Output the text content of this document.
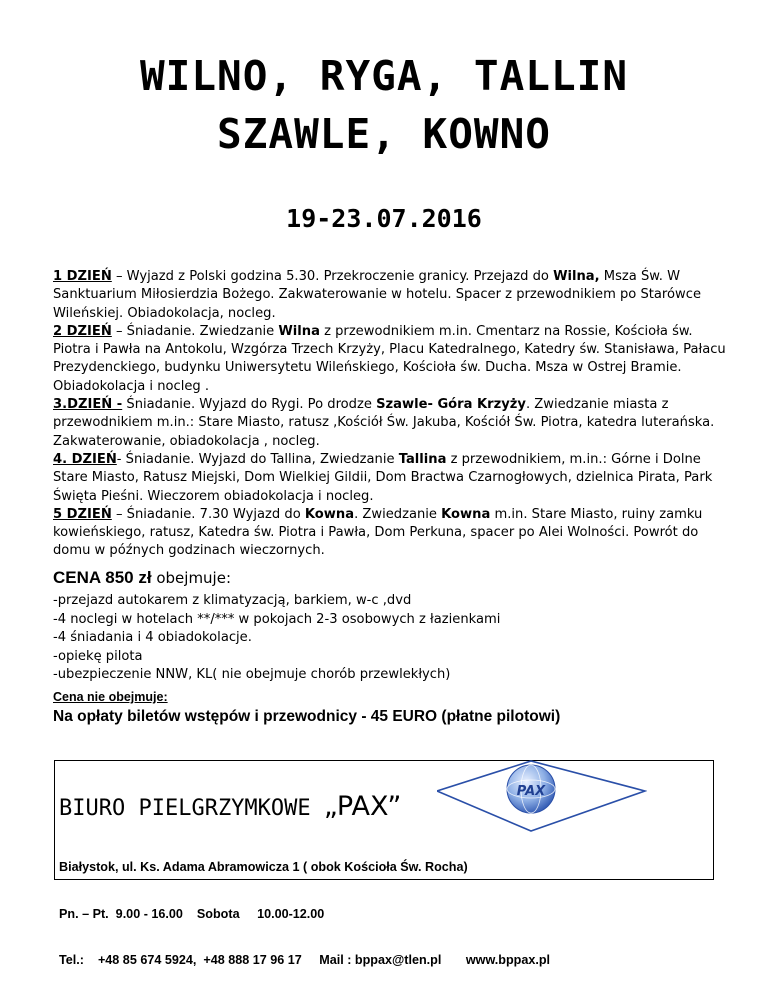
WILNO, RYGA, TALLIN
SZAWLE, KOWNO
19-23.07.2016

1 DZIEŃ – Wyjazd z Polski godzina 5.30. Przekroczenie granicy. Przejazd do Wilna, Msza Św. W Sanktuarium Miłosierdzia Bożego. Zakwaterowanie w hotelu. Spacer z przewodnikiem po Starówce Wileńskiej. Obiadokolacja, nocleg.

2 DZIEŃ – Śniadanie. Zwiedzanie Wilna z przewodnikiem m.in. Cmentarz na Rossie, Kościoła św. Piotra i Pawła na Antokolu, Wzgórza Trzech Krzyży, Placu Katedralnego, Katedry św. Stanisława, Pałacu Prezydenckiego, budynku Uniwersytetu Wileńskiego, Kościoła św. Ducha. Msza w Ostrej Bramie. Obiadokolacja i nocleg .

3.DZIEŃ - Śniadanie. Wyjazd do Rygi. Po drodze Szawle- Góra Krzyży. Zwiedzanie miasta z przewodnikiem m.in.: Stare Miasto, ratusz ,Kościół Św. Jakuba, Kościół Św. Piotra, katedra luterańska. Zakwaterowanie, obiadokolacja , nocleg.

4. DZIEŃ- Śniadanie. Wyjazd do Tallina, Zwiedzanie Tallina z przewodnikiem, m.in.: Górne i Dolne Stare Miasto, Ratusz Miejski, Dom Wielkiej Gildii, Dom Bractwa Czarnogłowych, dzielnica Pirata, Park Święta Pieśni. Wieczorem obiadokolacja i nocleg.

5 DZIEŃ – Śniadanie. 7.30 Wyjazd do Kowna. Zwiedzanie Kowna m.in. Stare Miasto, ruiny zamku kowieńskiego, ratusz, Katedra św. Piotra i Pawła, Dom Perkuna, spacer po Alei Wolności. Powrót do domu w późnych godzinach wieczornych.

CENA 850 zł obejmuje:

-przejazd autokarem z klimatyzacją, barkiem, w-c ,dvd
-4 noclegi w hotelach **/*** w pokojach 2-3 osobowych z łazienkami
-4 śniadania i 4 obiadokolacje.
-opiekę pilota
-ubezpieczenie NNW, KL( nie obejmuje chorób przewlekłych)

Cena nie obejmuje:

Na opłaty biletów wstępów i przewodnicy - 45 EURO (płatne pilotowi)

PAX

BIURO PIELGRZYMKOWE „PAX”

Białystok, ul. Ks. Adama Abramowicza 1 ( obok Kościoła Św. Rocha)

Pn. – Pt.  9.00 - 16.00    Sobota     10.00-12.00

Tel.:    +48 85 674 5924,  +48 888 17 96 17     Mail : bppax@tlen.pl       www.bppax.pl
